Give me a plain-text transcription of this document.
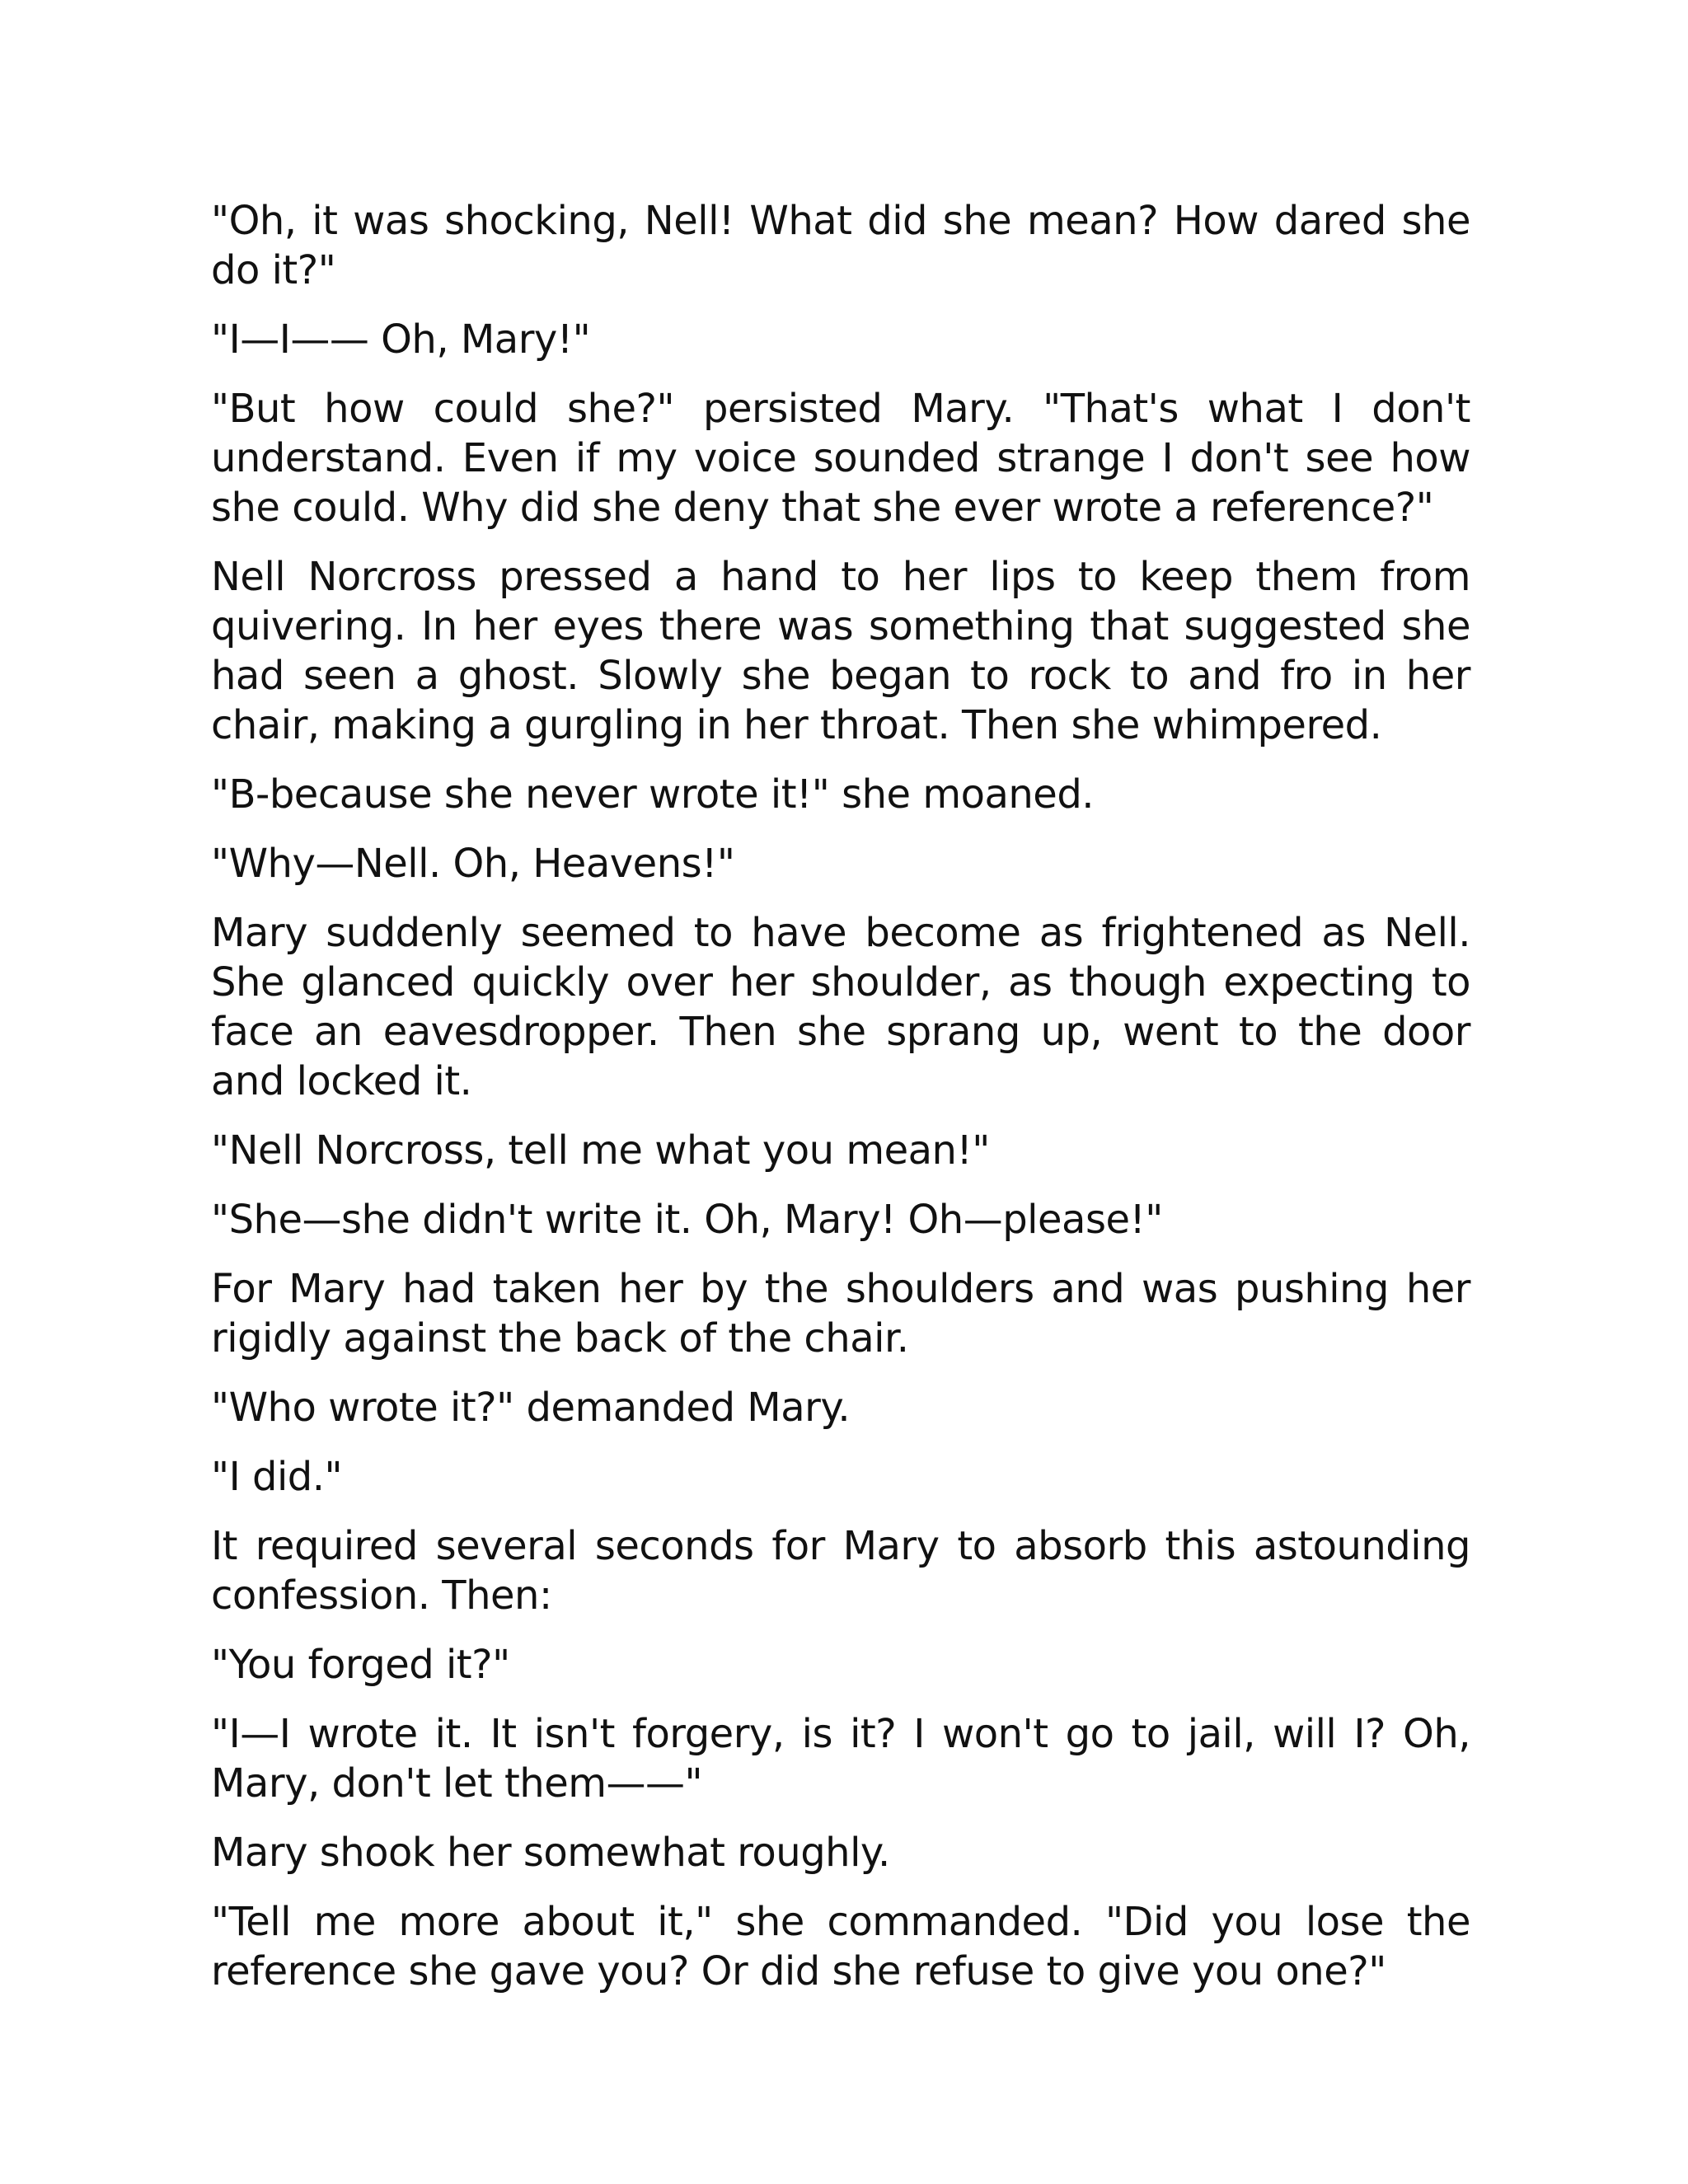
"Oh, it was shocking, Nell! What did she mean? How dared she do it?"

"I—I—— Oh, Mary!"

"But how could she?" persisted Mary. "That's what I don't understand. Even if my voice sounded strange I don't see how she could. Why did she deny that she ever wrote a reference?"

Nell Norcross pressed a hand to her lips to keep them from quivering. In her eyes there was something that suggested she had seen a ghost. Slowly she began to rock to and fro in her chair, making a gurgling in her throat. Then she whimpered.

"B-because she never wrote it!" she moaned.

"Why—Nell. Oh, Heavens!"

Mary suddenly seemed to have become as frightened as Nell. She glanced quickly over her shoulder, as though expecting to face an eavesdropper. Then she sprang up, went to the door and locked it.

"Nell Norcross, tell me what you mean!"

"She—she didn't write it. Oh, Mary! Oh—please!"

For Mary had taken her by the shoulders and was pushing her rigidly against the back of the chair.

"Who wrote it?" demanded Mary.

"I did."

It required several seconds for Mary to absorb this astounding confession. Then:

"You forged it?"

"I—I wrote it. It isn't forgery, is it? I won't go to jail, will I? Oh, Mary, don't let them——"

Mary shook her somewhat roughly.

"Tell me more about it," she commanded. "Did you lose the reference she gave you? Or did she refuse to give you one?"
